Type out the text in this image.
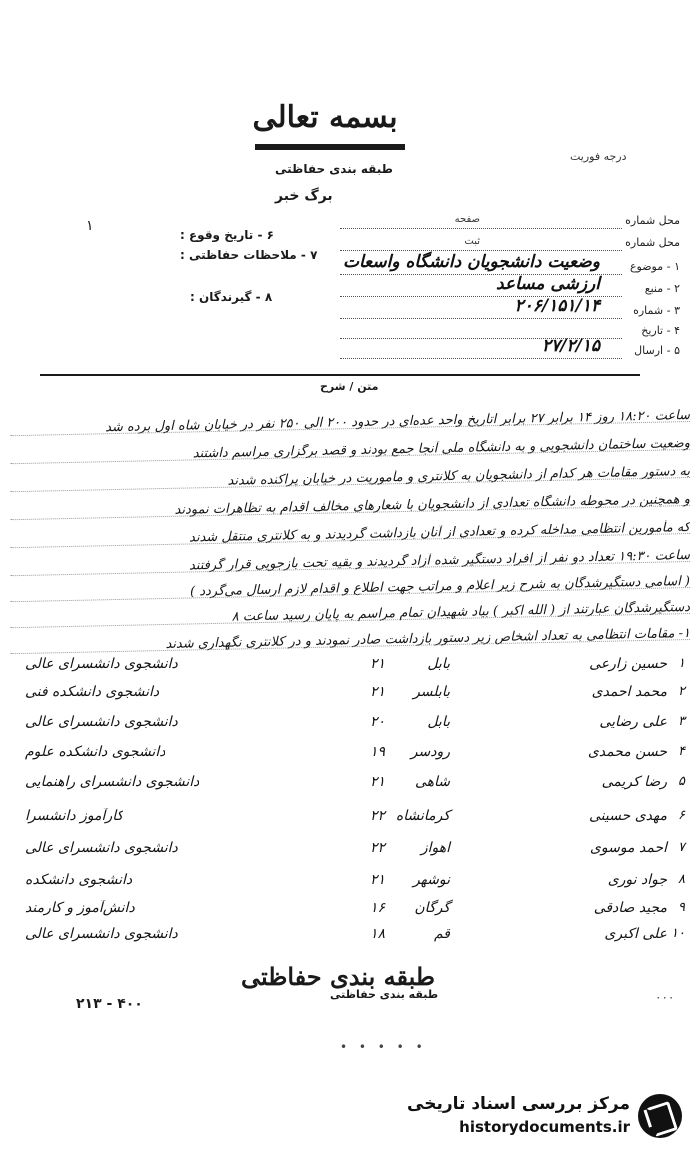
بسمه تعالی
طبقه بندی حفاظتی
برگ خبر
درجه فوریت
۱
۶ - تاریخ وقوع :
۷ - ملاحظات حفاظتی :
۸ - گیرندگان :
محل شماره
صفحه
محل شماره
ثبت
۱ - موضوع
وضعیت دانشجویان دانشگاه واسعات
۲ - منبع
ارزشی مساعد
۳ - شماره
۲۰۶/۱۵۱/۱۴
۴ - تاریخ
۵ - ارسال
۲۷/۲/۱۵
متن / شرح
ساعت ۱۸:۲۰ روز ۱۴ برابر ۲۷ برابر اتاریخ واحد عده‌ای در حدود ۲۰۰ الی ۲۵۰ نفر در خیابان شاه اول برده شد
وضعیت ساختمان دانشجویی و به دانشگاه ملی آنجا جمع بودند و قصد برگزاری مراسم داشتند
به دستور مقامات هر کدام از دانشجویان به کلانتری و مأموریت در خیابان پراکنده شدند
و همچنین در محوطه دانشگاه تعدادی از دانشجویان با شعارهای مخالف اقدام به تظاهرات نمودند
که مأمورین انتظامی مداخله کرده و تعدادی از آنان بازداشت گردیدند و به کلانتری منتقل شدند
ساعت ۱۹:۳۰ تعداد دو نفر از افراد دستگیر شده آزاد گردیدند و بقیه تحت بازجویی قرار گرفتند
( اسامی دستگیرشدگان به شرح زیر اعلام و مراتب جهت اطلاع و اقدام لازم ارسال می‌گردد )
دستگیرشدگان عبارتند از ( الله اکبر ) بیاد شهیدان تمام مراسم به پایان رسید ساعت ۸
۱- مقامات انتظامی به تعداد اشخاص زیر دستور بازداشت صادر نمودند و در کلانتری نگهداری شدند
۱
حسین زارعی
بابل
۲۱
دانشجوی دانشسرای عالی
۲
محمد احمدی
بابلسر
۲۱
دانشجوی دانشکده فنی
۳
علی رضایی
بابل
۲۰
دانشجوی دانشسرای عالی
۴
حسن محمدی
رودسر
۱۹
دانشجوی دانشکده علوم
۵
رضا کریمی
شاهی
۲۱
دانشجوی دانشسرای راهنمایی
۶
مهدی حسینی
کرمانشاه
۲۲
کارآموز دانشسرا
۷
احمد موسوی
اهواز
۲۲
دانشجوی دانشسرای عالی
۸
جواد نوری
نوشهر
۲۱
دانشجوی دانشکده
۹
مجید صادقی
گرگان
۱۶
دانش‌آموز و کارمند
۱۰
علی اکبری
قم
۱۸
دانشجوی دانشسرای عالی
طبقه بندی حفاظتی
طبقه بندی حفاظتی
۲۱۳ - ۴۰۰	۰۰۰
• • • • •
مرکز بررسی اسناد تاریخی
historydocuments.ir
